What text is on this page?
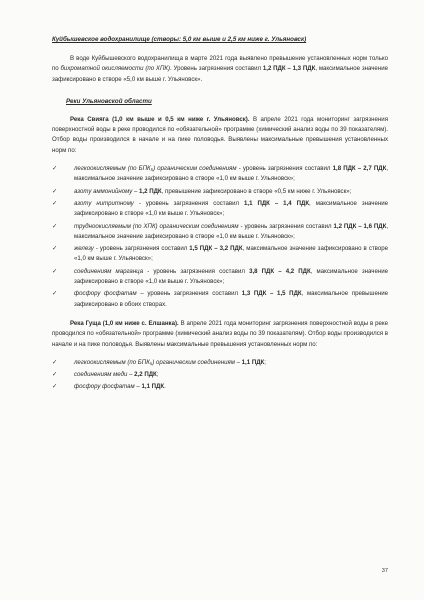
Куйбышевское водохранилище (створы: 5,0 км выше и 2,5 км ниже г. Ульяновск)

В воде Куйбышевского водохранилища в марте 2021 года выявлено превышение установленных норм только по бихроматной окисляемости (по ХПК). Уровень загрязнения составил 1,2 ПДК – 1,3 ПДК, максимальное значение зафиксировано в створе «5,0 км выше г. Ульяновск».

Реки Ульяновской области

Река Свияга (1,0 км выше и 0,5 км ниже г. Ульяновск). В апреле 2021 года мониторинг загрязнения поверхностной воды в реке проводился по «обязательной» программе (химический анализ воды по 39 показателям). Отбор воды производился в начале и на пике половодья. Выявлены максимальные превышения установленных норм по:

✓	легкоокисляемым (по БПК₅) органическим соединениям - уровень загрязнения составил 1,8 ПДК – 2,7 ПДК, максимальное значение зафиксировано в створе «1,0 км выше г. Ульяновск»;
✓	азоту аммонийному – 1,2 ПДК, превышение зафиксировано в створе «0,5 км ниже г. Ульяновск»;
✓	азоту нитритному - уровень загрязнения составил 1,1 ПДК – 1,4 ПДК, максимальное значение зафиксировано в створе «1,0 км выше г. Ульяновск»;
✓	трудноокисляемым (по ХПК) органическим соединениям - уровень загрязнения составил 1,2 ПДК – 1,6 ПДК, максимальное значение зафиксировано в створе «1,0 км выше г. Ульяновск»;
✓	железу - уровень загрязнения составил 1,5 ПДК – 3,2 ПДК, максимальное значение зафиксировано в створе «1,0 км выше г. Ульяновск»;
✓	соединениям марганца - уровень загрязнения составил 3,8 ПДК – 4,2 ПДК, максимальное значение зафиксировано в створе «1,0 км выше г. Ульяновск»;
✓	фосфору фосфатам – уровень загрязнения составил 1,3 ПДК – 1,5 ПДК, максимальное превышение зафиксировано в обоих створах.

Река Гуща (1,0 км ниже с. Елшанка). В апреле 2021 года мониторинг загрязнения поверхностной воды в реке проводился по «обязательной» программе (химический анализ воды по 39 показателям). Отбор воды производился в начале и на пике половодья. Выявлены максимальные превышения установленных норм по:

✓	легкоокисляемым (по БПК₅) органическим соединениям – 1,1 ПДК;
✓	соединениям меди – 2,2 ПДК;
✓	фосфору фосфатам – 1,1 ПДК.
37
